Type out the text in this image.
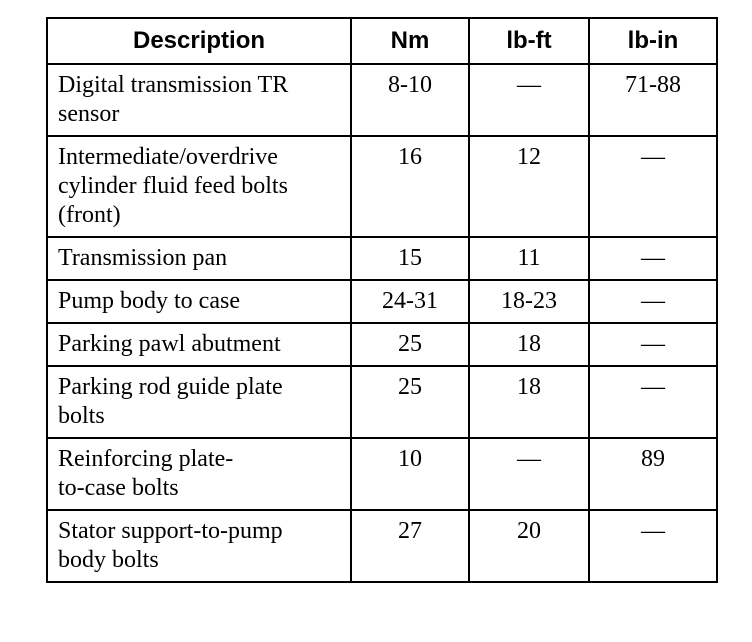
Description	Nm	lb-ft	lb-in

Digital transmission TR sensor	8-10	—	71-88

Intermediate/overdrive cylinder fluid feed bolts (front)	16	12	—
Transmission pan	15	11	—
Pump body to case	24-31	18-23	—
Parking pawl abutment	25	18	—

Parking rod guide plate bolts	25	18	—

Reinforcing plate-to-case bolts	10	—	89

Stator support-to-pump body bolts	27	20	—
